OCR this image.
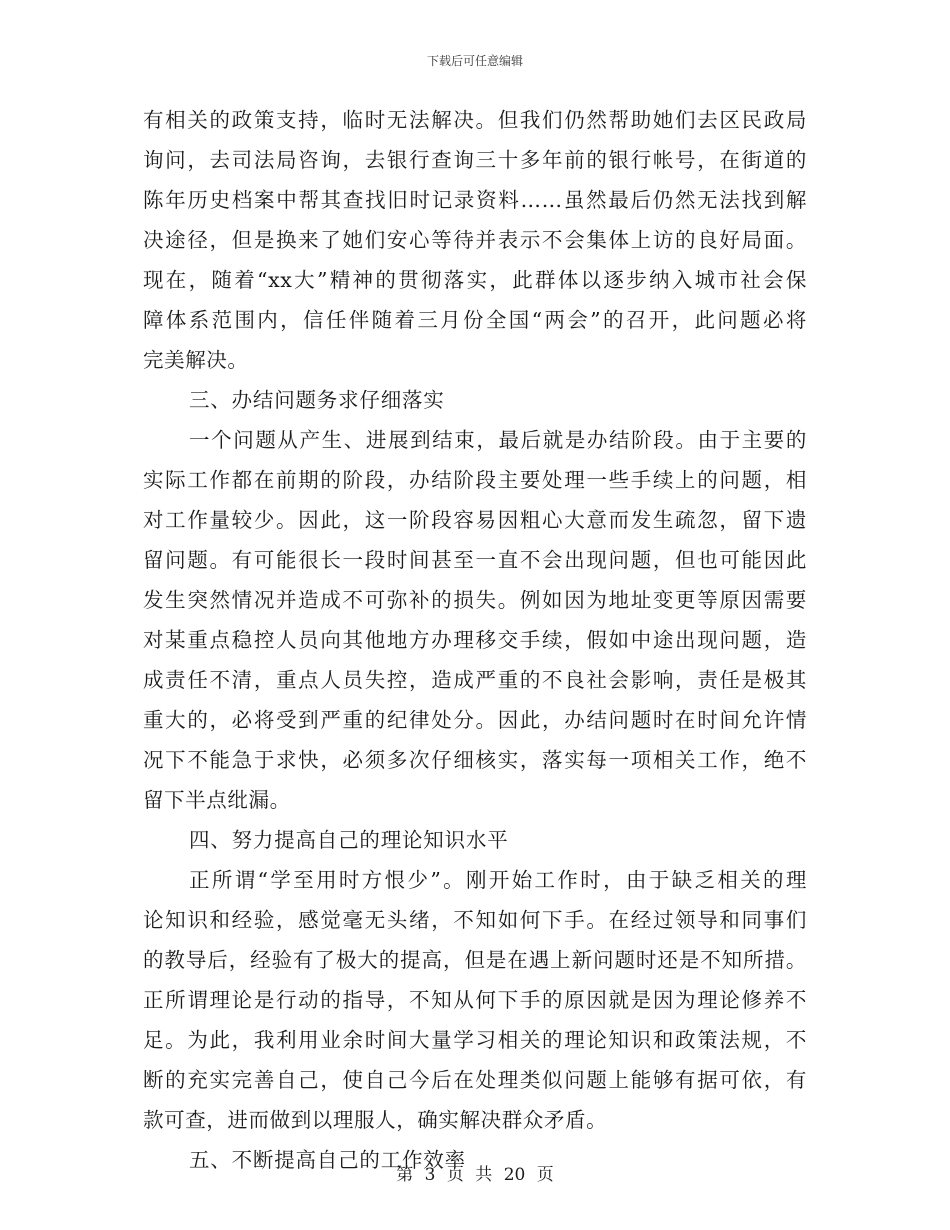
下载后可任意编辑
有相关的政策支持，临时无法解决。但我们仍然帮助她们去区民政局
询问，去司法局咨询，去银行查询三十多年前的银行帐号，在街道的
陈年历史档案中帮其查找旧时记录资料……虽然最后仍然无法找到解
决途径，但是换来了她们安心等待并表示不会集体上访的良好局面。
现在，随着“xx大”精神的贯彻落实，此群体以逐步纳入城市社会保
障体系范围内，信任伴随着三月份全国“两会”的召开，此问题必将
完美解决。
三、办结问题务求仔细落实
一个问题从产生、进展到结束，最后就是办结阶段。由于主要的
实际工作都在前期的阶段，办结阶段主要处理一些手续上的问题，相
对工作量较少。因此，这一阶段容易因粗心大意而发生疏忽，留下遗
留问题。有可能很长一段时间甚至一直不会出现问题，但也可能因此
发生突然情况并造成不可弥补的损失。例如因为地址变更等原因需要
对某重点稳控人员向其他地方办理移交手续，假如中途出现问题，造
成责任不清，重点人员失控，造成严重的不良社会影响，责任是极其
重大的，必将受到严重的纪律处分。因此，办结问题时在时间允许情
况下不能急于求快，必须多次仔细核实，落实每一项相关工作，绝不
留下半点纰漏。
四、努力提高自己的理论知识水平
正所谓“学至用时方恨少”。刚开始工作时，由于缺乏相关的理
论知识和经验，感觉毫无头绪，不知如何下手。在经过领导和同事们
的教导后，经验有了极大的提高，但是在遇上新问题时还是不知所措。
正所谓理论是行动的指导，不知从何下手的原因就是因为理论修养不
足。为此，我利用业余时间大量学习相关的理论知识和政策法规，不
断的充实完善自己，使自己今后在处理类似问题上能够有据可依，有
款可查，进而做到以理服人，确实解决群众矛盾。
五、不断提高自己的工作效率
第 3 页 共 20 页
